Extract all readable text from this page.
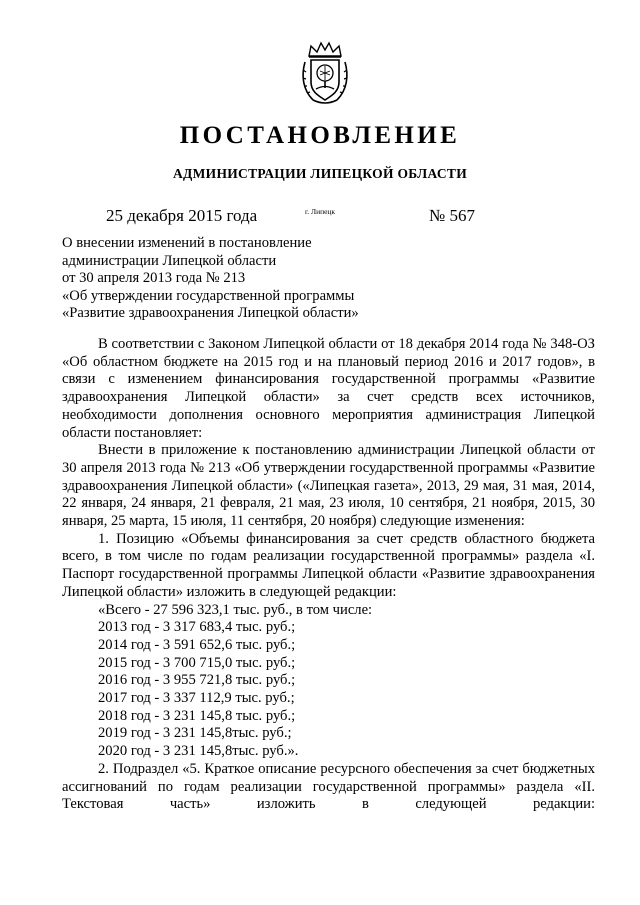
ПОСТАНОВЛЕНИЕ
АДМИНИСТРАЦИИ ЛИПЕЦКОЙ ОБЛАСТИ
25 декабря 2015 года	г. Липецк	№ 567
О внесении изменений в постановление
администрации Липецкой области
от 30 апреля 2013 года № 213
«Об утверждении государственной программы
«Развитие здравоохранения Липецкой области»

В соответствии с Законом Липецкой области от 18 декабря 2014 года № 348-ОЗ «Об областном бюджете на 2015 год и на плановый период 2016 и 2017 годов», в связи с изменением финансирования государственной программы «Развитие здравоохранения Липецкой области» за счет средств всех источников, необходимости дополнения основного мероприятия администрация Липецкой области постановляет:

Внести в приложение к постановлению администрации Липецкой области от 30 апреля 2013 года № 213 «Об утверждении государственной программы «Развитие здравоохранения Липецкой области» («Липецкая газета», 2013, 29 мая, 31 мая, 2014, 22 января, 24 января, 21 февраля, 21 мая, 23 июля, 10 сентября, 21 ноября, 2015, 30 января, 25 марта, 15 июля, 11 сентября, 20 ноября) следующие изменения:

1. Позицию «Объемы финансирования за счет средств областного бюджета всего, в том числе по годам реализации государственной программы» раздела «I. Паспорт государственной программы Липецкой области «Развитие здравоохранения Липецкой области» изложить в следующей редакции:

«Всего - 27 596 323,1 тыс. руб., в том числе:
2013 год - 3 317 683,4 тыс. руб.;
2014 год - 3 591 652,6 тыс. руб.;
2015 год - 3 700 715,0 тыс. руб.;
2016 год - 3 955 721,8 тыс. руб.;
2017 год - 3 337 112,9 тыс. руб.;
2018 год - 3 231 145,8 тыс. руб.;
2019 год - 3 231 145,8тыс. руб.;
2020 год - 3 231 145,8тыс. руб.».

2. Подраздел «5. Краткое описание ресурсного обеспечения за счет бюджетных ассигнований по годам реализации государственной программы» раздела «II. Текстовая часть» изложить в следующей редакции:
